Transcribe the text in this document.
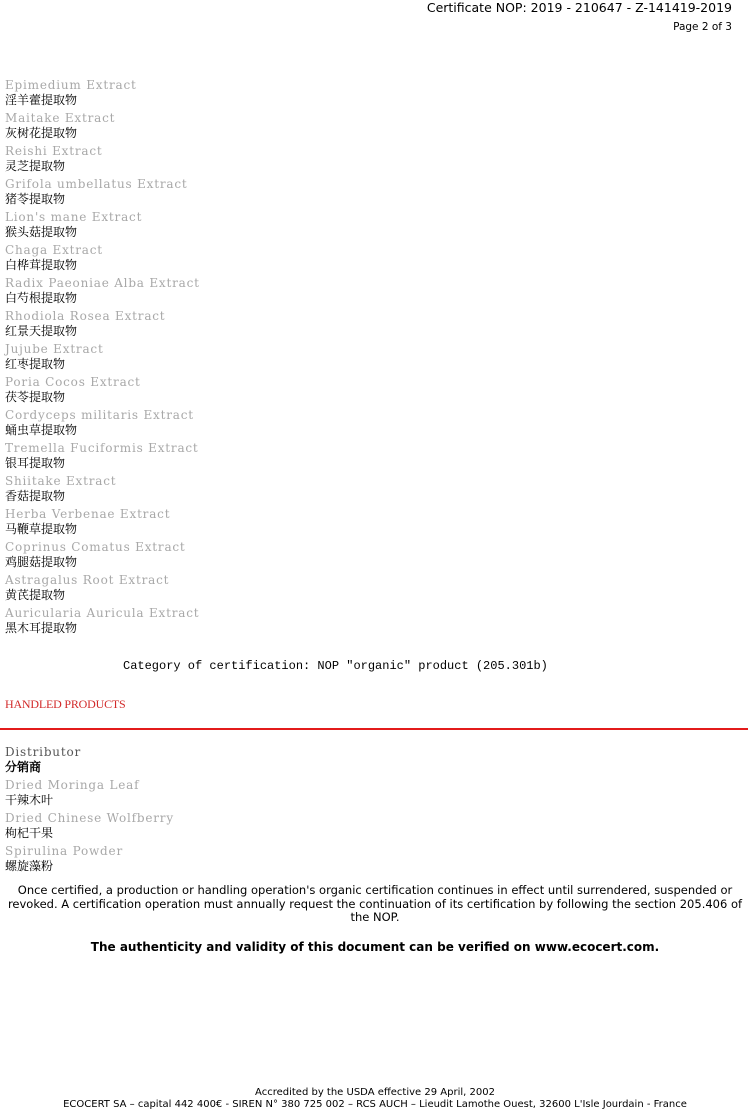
Certificate NOP: 2019 - 210647 - Z-141419-2019
Page 2 of 3
Epimedium Extract
淫羊藿提取物
Maitake Extract
灰树花提取物
Reishi Extract
灵芝提取物
Grifola umbellatus Extract
猪苓提取物
Lion's mane Extract
猴头菇提取物
Chaga Extract
白桦茸提取物
Radix Paeoniae Alba Extract
白芍根提取物
Rhodiola Rosea Extract
红景天提取物
Jujube Extract
红枣提取物
Poria Cocos Extract
茯苓提取物
Cordyceps militaris Extract
蛹虫草提取物
Tremella Fuciformis Extract
银耳提取物
Shiitake Extract
香菇提取物
Herba Verbenae Extract
马鞭草提取物
Coprinus Comatus Extract
鸡腿菇提取物
Astragalus Root Extract
黄芪提取物
Auricularia Auricula Extract
黑木耳提取物
Category of certification: NOP "organic" product (205.301b)
HANDLED PRODUCTS
Distributor
分销商
Dried Moringa Leaf
干辣木叶
Dried Chinese Wolfberry
枸杞干果
Spirulina Powder
螺旋藻粉
Once certified, a production or handling operation's organic certification continues in effect until surrendered, suspended or revoked. A certification operation must annually request the continuation of its certification by following the section 205.406 of the NOP.
The authenticity and validity of this document can be verified on www.ecocert.com.
Accredited by the USDA effective 29 April, 2002
ECOCERT SA – capital 442 400€ - SIREN N° 380 725 002 – RCS AUCH – Lieudit Lamothe Ouest, 32600 L'Isle Jourdain - France
